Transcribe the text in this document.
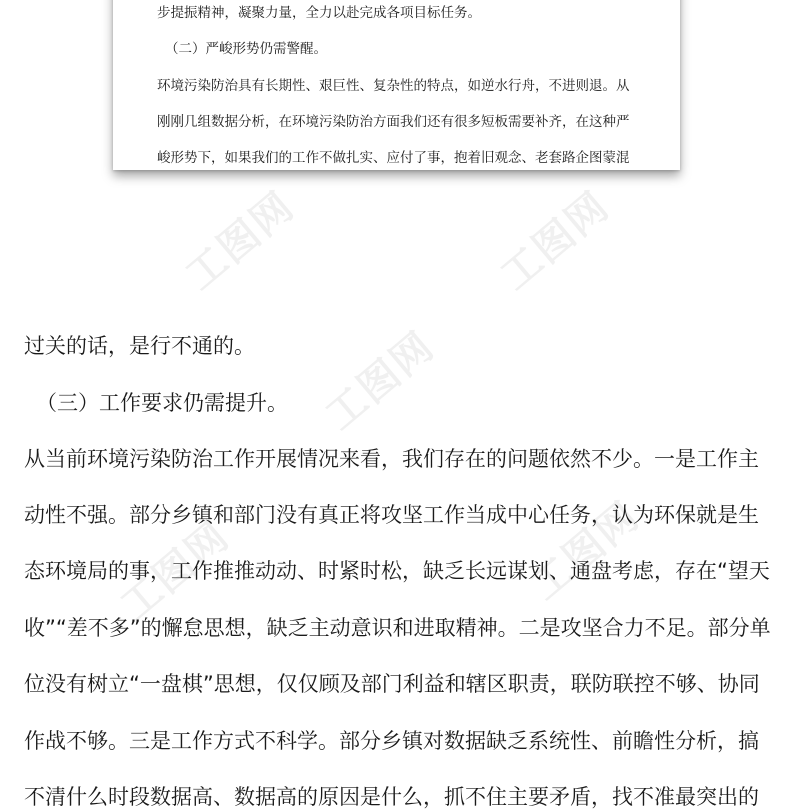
工图网	工图网
工图网
工图网	工图网
步提振精神，凝聚力量，全力以赴完成各项目标任务。
（二）严峻形势仍需警醒。
环境污染防治具有长期性、艰巨性、复杂性的特点，如逆水行舟，不进则退。从
刚刚几组数据分析，在环境污染防治方面我们还有很多短板需要补齐，在这种严
峻形势下，如果我们的工作不做扎实、应付了事，抱着旧观念、老套路企图蒙混
过关的话，是行不通的。
（三）工作要求仍需提升。
从当前环境污染防治工作开展情况来看，我们存在的问题依然不少。一是工作主
动性不强。部分乡镇和部门没有真正将攻坚工作当成中心任务，认为环保就是生
态环境局的事，工作推推动动、时紧时松，缺乏长远谋划、通盘考虑，存在“望天
收”“差不多”的懈怠思想，缺乏主动意识和进取精神。二是攻坚合力不足。部分单
位没有树立“一盘棋”思想，仅仅顾及部门利益和辖区职责，联防联控不够、协同
作战不够。三是工作方式不科学。部分乡镇对数据缺乏系统性、前瞻性分析，搞
不清什么时段数据高、数据高的原因是什么，抓不住主要矛盾，找不准最突出的
